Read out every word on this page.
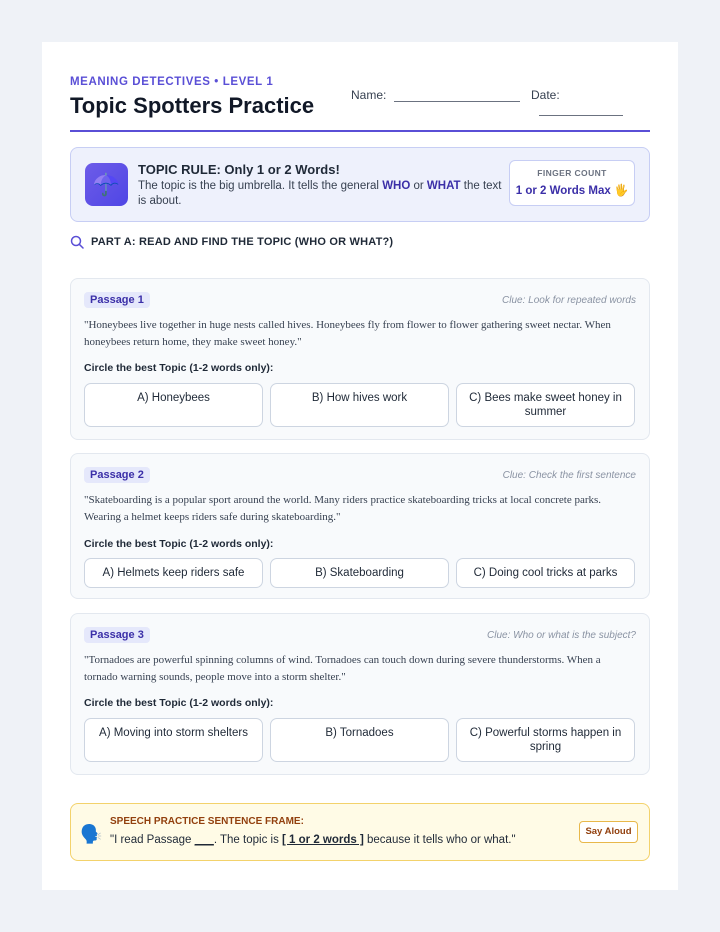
MEANING DETECTIVES • LEVEL 1
Topic Spotters Practice	Name:	Date:
☂️
TOPIC RULE: Only 1 or 2 Words!
The topic is the big umbrella. It tells the general WHO or WHAT the text is about.
FINGER COUNT
1 or 2 Words Max 🖐️
PART A: READ AND FIND THE TOPIC (WHO OR WHAT?)
Passage 1	Clue: Look for repeated words
"Honeybees live together in huge nests called hives. Honeybees fly from flower to flower gathering sweet nectar. When honeybees return home, they make sweet honey."
Circle the best Topic (1-2 words only):
A) Honeybees	B) How hives work	C) Bees make sweet honey in summer
Passage 2	Clue: Check the first sentence
"Skateboarding is a popular sport around the world. Many riders practice skateboarding tricks at local concrete parks. Wearing a helmet keeps riders safe during skateboarding."
Circle the best Topic (1-2 words only):
A) Helmets keep riders safe	B) Skateboarding	C) Doing cool tricks at parks
Passage 3	Clue: Who or what is the subject?
"Tornadoes are powerful spinning columns of wind. Tornadoes can touch down during severe thunderstorms. When a tornado warning sounds, people move into a storm shelter."
Circle the best Topic (1-2 words only):
A) Moving into storm shelters	B) Tornadoes	C) Powerful storms happen in spring
🗣️
SPEECH PRACTICE SENTENCE FRAME:
"I read Passage ___. The topic is [ 1 or 2 words ] because it tells who or what."
Say Aloud
